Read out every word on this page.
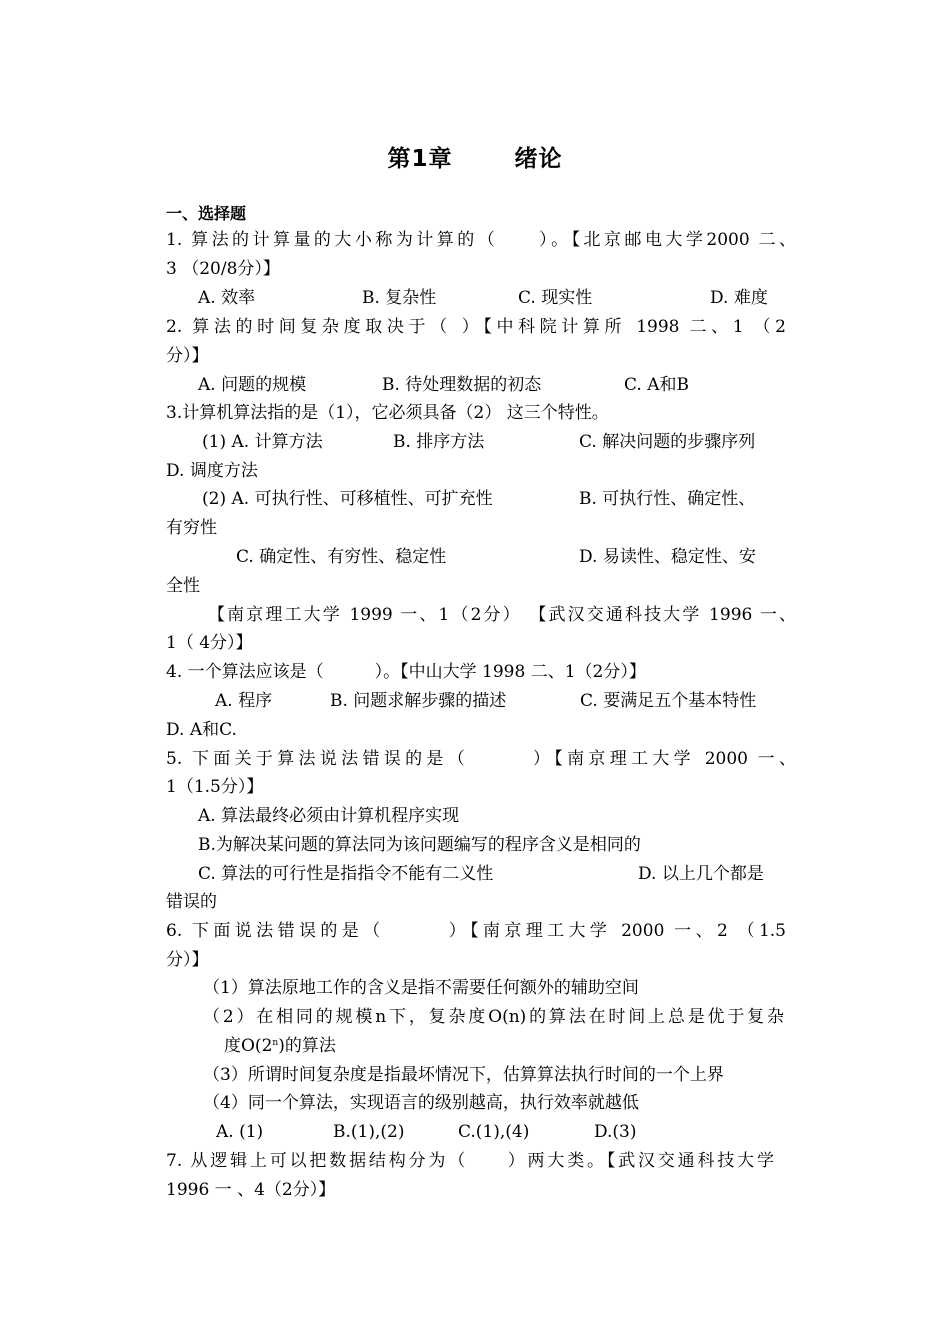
第1章	绪论
一、选择题
1. 算法的计算量的大小称为计算的（　　）。【北京邮电大学2000 二、
3 （20/8分）】
A. 效率	B. 复杂性	C. 现实性	D. 难度
2. 算法的时间复杂度取决于（ ）【中科院计算所 1998 二、1 （2
分）】
A. 问题的规模	B. 待处理数据的初态	C. A和B
3.计算机算法指的是（1），它必须具备（2） 这三个特性。
(1) A. 计算方法	B. 排序方法	C. 解决问题的步骤序列
D. 调度方法
(2) A. 可执行性、可移植性、可扩充性	B. 可执行性、确定性、
有穷性
C. 确定性、有穷性、稳定性	D. 易读性、稳定性、安
全性
【南京理工大学 1999 一、1（2分） 【武汉交通科技大学 1996 一、
1（ 4分）】
4. 一个算法应该是（　　　）。【中山大学 1998 二、1（2分）】
A. 程序	B. 问题求解步骤的描述	C. 要满足五个基本特性
D. A和C.
5. 下面关于算法说法错误的是（　　　）【南京理工大学 2000 一、
1（1.5分）】
A. 算法最终必须由计算机程序实现
B.为解决某问题的算法同为该问题编写的程序含义是相同的
C. 算法的可行性是指指令不能有二义性	D. 以上几个都是
错误的
6. 下面说法错误的是（　　　）【南京理工大学 2000 一、2 （1.5
分）】
（1）算法原地工作的含义是指不需要任何额外的辅助空间
（2）在相同的规模n下，复杂度O(n)的算法在时间上总是优于复杂
度O(2$^n$)的算法
（3）所谓时间复杂度是指最坏情况下，估算算法执行时间的一个上界
（4）同一个算法，实现语言的级别越高，执行效率就越低
A. (1)	B.(1),(2)	C.(1),(4)	D.(3)
7. 从逻辑上可以把数据结构分为（　　）两大类。【武汉交通科技大学
1996 一 、4（2分）】
